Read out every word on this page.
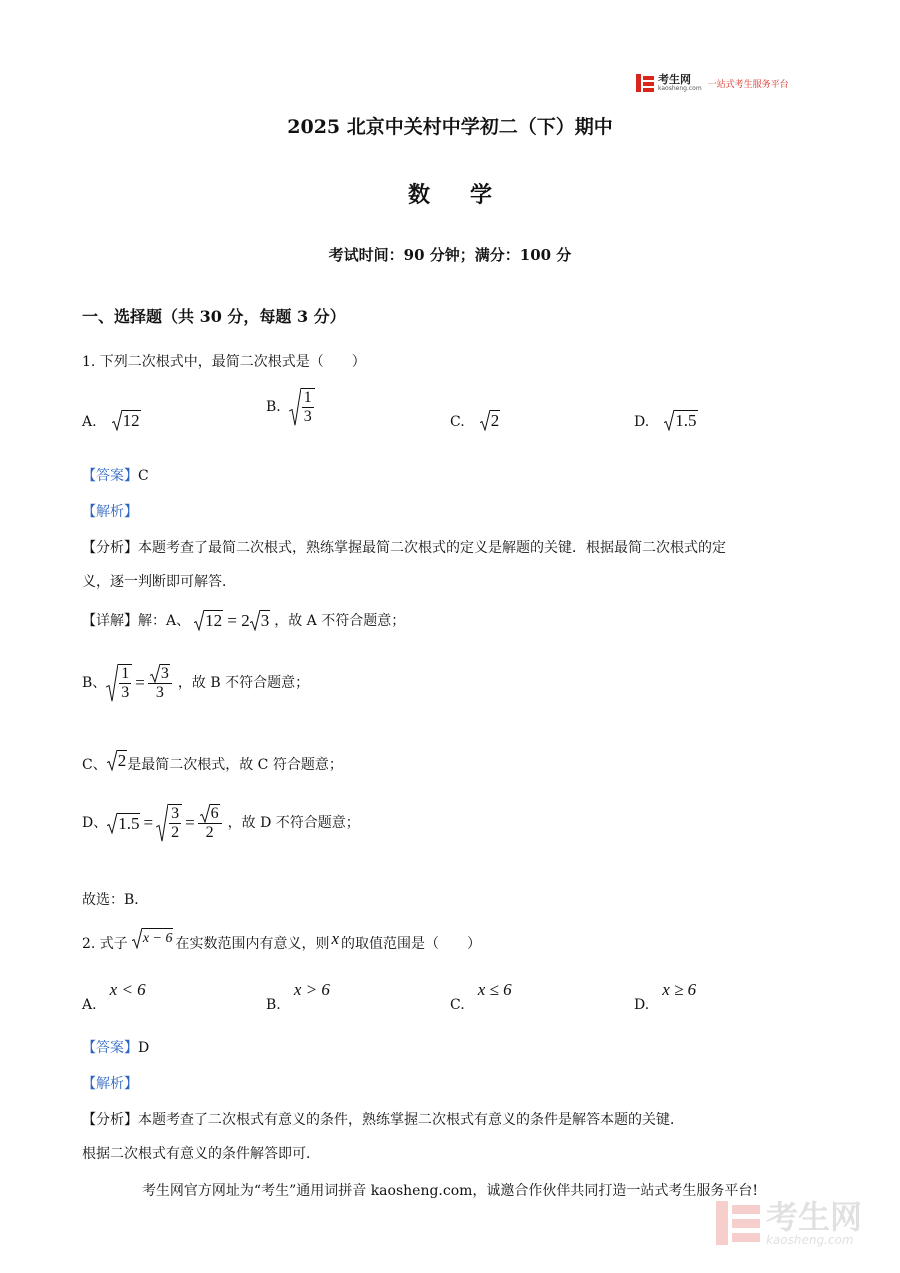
考生网
kaosheng.com 一站式考生服务平台
2025 北京中关村中学初二（下）期中
数学
考试时间：90 分钟；满分：100 分
一、选择题（共 30 分，每题 3 分）
1. 下列二次根式中，最简二次根式是（　　）
A. 12
B. $\frac{1}{3}$	C. 2	D. 1.5
【答案】C
【解析】
【分析】本题考查了最简二次根式，熟练掌握最简二次根式的定义是解题的关键．根据最简二次根式的定
义，逐一判断即可解答．
【详解】 解：A、 12 = 2 3 ，故 A 不符合题意；
B、 $\frac{1}{3} = \frac{3}{3}$ ，故 B 不符合题意；
C、 2 是最简二次根式，故 C 符合题意；
D、 $1.5 = \frac{3}{2} = \frac{6}{2}$ ，故 D 不符合题意；
故选：B．
2. 式子	x − 6 在实数范围内有意义，则 x 的取值范围是（　　）
A. x < 6
B. x > 6
C. x ≤ 6
D. x ≥ 6
【答案】D
【解析】
【分析】本题考查了二次根式有意义的条件，熟练掌握二次根式有意义的条件是解答本题的关键．
根据二次根式有意义的条件解答即可．
考生网官方网址为“考生”通用词拼音 kaosheng.com，诚邀合作伙伴共同打造一站式考生服务平台!
考生网
kaosheng.com
